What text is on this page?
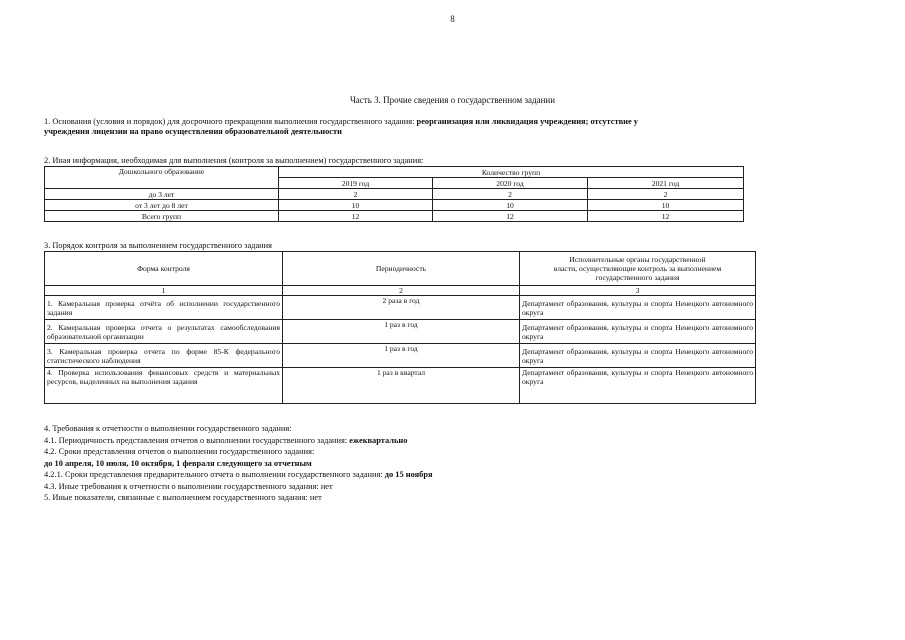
8
Часть 3. Прочие сведения о государственном задании
1. Основания (условия и порядок) для досрочного прекращения выполнения государственного задания: реорганизация или ликвидация учреждения; отсутствие у
учреждения лицензии на право осуществления образовательной деятельности
2. Иная информация, необходимая для выполнения (контроля за выполнением) государственного задания:
Дошкольного образование	Количество групп		
	2019 год	2020 год	2021 год
до 3 лет	2	2	2
от 3 лет до 8 лет	10	10	10
Всего групп	12	12	12
3. Порядок контроля за выполнением государственного задания
Форма контроля	Периодичность	Исполнительные органы государственной
власти, осуществляющие контроль за выполнением
государственного задания

1	2	3
1. Камеральная проверка отчёта об исполнении государственного задания	2 раза в год	Департамент образования, культуры и спорта Ненецкого автономного округа
2. Камеральная проверка отчета о результатах самообследования образовательной организации	1 раз в год	Департамент образования, культуры и спорта Ненецкого автономного округа
3. Камеральная проверка отчета по форме 85-К федерального статистического наблюдения	1 раз в год	Департамент образования, культуры и спорта Ненецкого автономного округа
4. Проверка использования финансовых средств и материальных ресурсов, выделенных на выполнения задания	1 раз в квартал	Департамент образования, культуры и спорта Ненецкого автономного округа
4. Требования к отчетности о выполнении государственного задания:
4.1. Периодичность представления отчетов о выполнении государственного задания: ежеквартально
4.2. Сроки представления отчетов о выполнении государственного задания:
до 10 апреля, 10 июля, 10 октября, 1 февраля следующего за отчетным
4.2.1. Сроки представления предварительного отчета о выполнении государственного задания: до 15 ноября
4.3. Иные требования к отчетности о выполнении государственного задания: нет
5. Иные показатели, связанные с выполнением государственного задания: нет
